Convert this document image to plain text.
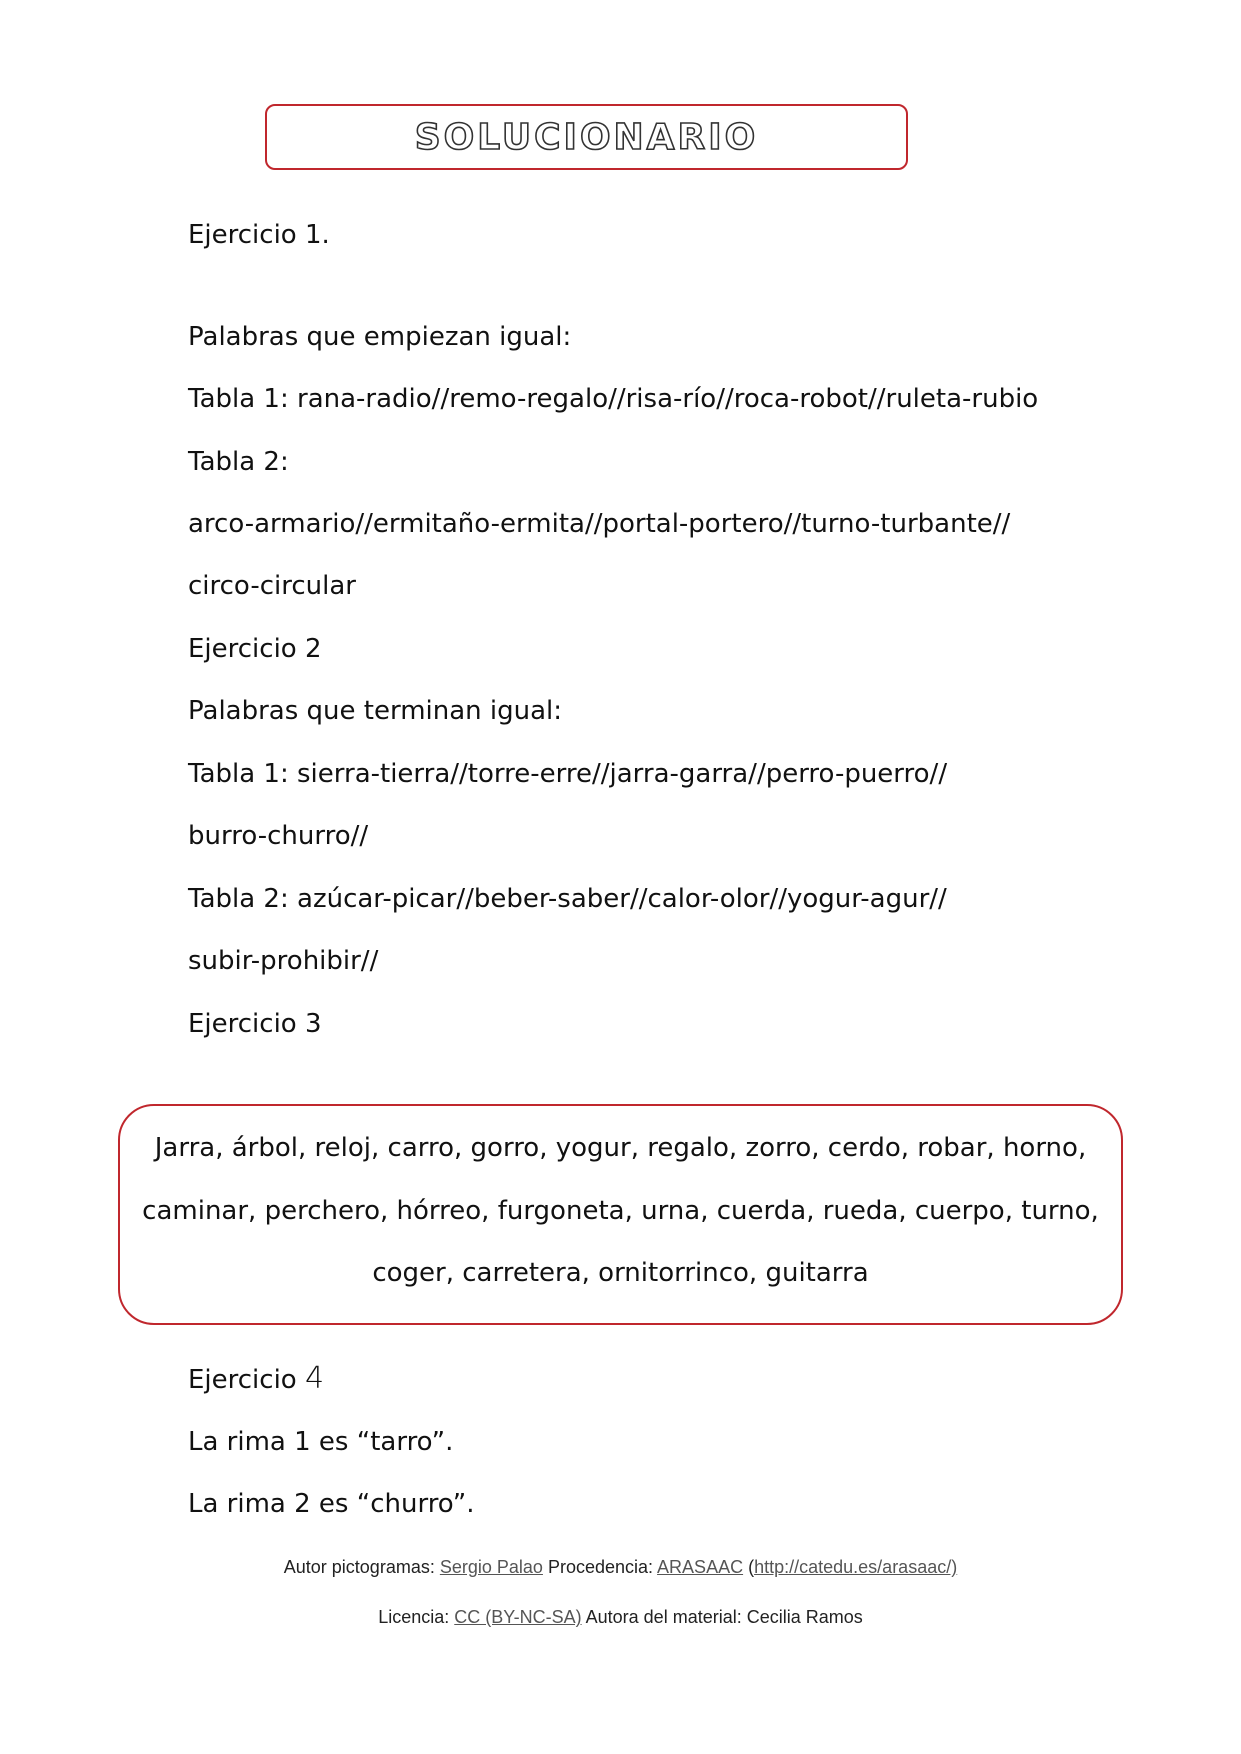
SOLUCIONARIO
Ejercicio 1.
Palabras que empiezan igual:
Tabla 1: rana-radio//remo-regalo//risa-río//roca-robot//ruleta-rubio
Tabla 2:
arco-armario//ermitaño-ermita//portal-portero//turno-turbante//
circo-circular
Ejercicio 2
Palabras que terminan igual:
Tabla 1: sierra-tierra//torre-erre//jarra-garra//perro-puerro//
burro-churro//
Tabla 2: azúcar-picar//beber-saber//calor-olor//yogur-agur//
subir-prohibir//
Ejercicio 3
Jarra, árbol, reloj, carro, gorro, yogur, regalo, zorro, cerdo, robar, horno,
caminar, perchero, hórreo, furgoneta, urna, cuerda, rueda, cuerpo, turno,
coger, carretera, ornitorrinco, guitarra
Ejercicio 4
La rima 1 es “tarro”.
La rima 2 es “churro”.
Autor pictogramas: Sergio Palao Procedencia: ARASAAC (http://catedu.es/arasaac/)
Licencia: CC (BY-NC-SA) Autora del material: Cecilia Ramos
